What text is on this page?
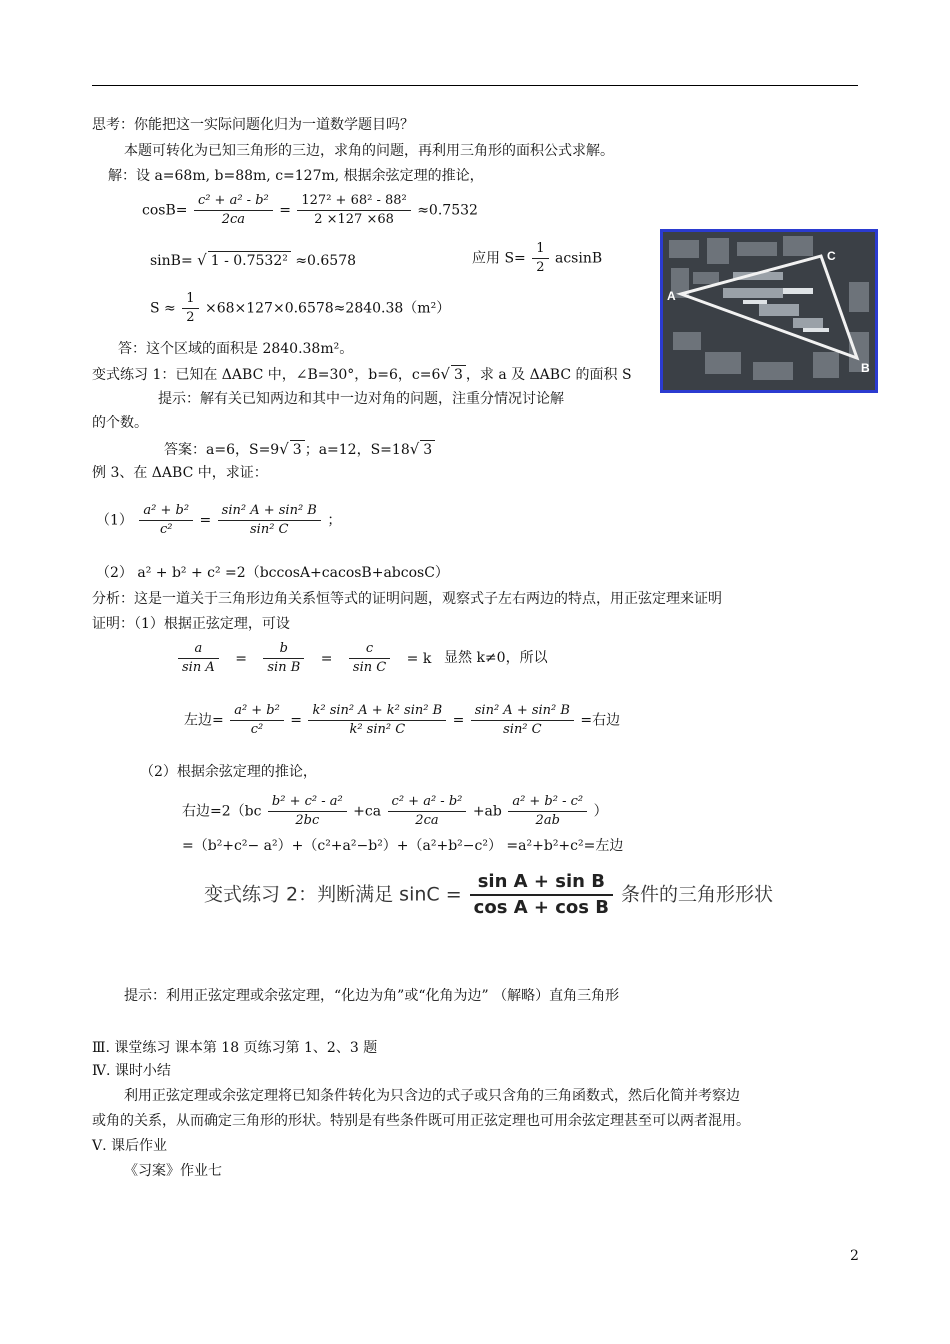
思考：你能把这一实际问题化归为一道数学题目吗？
本题可转化为已知三角形的三边，求角的问题，再利用三角形的面积公式求解。
解：设 a=68m, b=88m, c=127m, 根据余弦定理的推论，
$\cos B= \frac{\text{c² + a² - b²}}{2ca} = \frac{\text{127² + 68² - 88²}}{2 \times 127 \times 68} \approx 0.7532$
sinB= √ 1 - 0.7532² ≈0.6578	应用 $S= \frac{1}{2}$ acsinB
$S \approx \frac{1}{2} \times 68\times 127\times 0.6578\approx 2840.38(m^2)$
答：这个区域的面积是 2840.38m²。
变式练习 1：已知在 ΔABC 中，∠B=30°，b=6，c=6√ 3 ，求 a 及 ΔABC 的面积 S
提示：解有关已知两边和其中一边对角的问题，注重分情况讨论解
的个数。
答案：a=6，S=9√ 3 ；a=12，S=18√ 3
例 3、在 ΔABC 中，求证：
$(1) \frac{\text{a² + b²}}{\text{c²}} = \frac{\text{sin² A + sin² B}}{\text{sin² C}}$ ；
（2） a² + b² + c² =2（bccosA+cacosB+abcosC）
分析：这是一道关于三角形边角关系恒等式的证明问题，观察式子左右两边的特点，用正弦定理来证明
证明：（1）根据正弦定理，可设
$\frac{a}{\text{sin A}} = \frac{b}{\text{sin B}} = \frac{c}{\text{sin C}} = k$ 显然 k≠0，所以
左边= $\frac{\text{a² + b²}}{\text{c²}} = \frac{\text{k² sin² A + k² sin² B}}{\text{k² sin² C}} = \frac{\text{sin² A + sin² B}}{\text{sin² C}}$ =右边
（2）根据余弦定理的推论，
右边$=2(bc \frac{\text{b² + c² - a²}}{2bc} +ca \frac{\text{c² + a² - b²}}{2ca} +ab \frac{\text{a² + b² - c²}}{2ab}$ ）
=（b²+c²− a²）+（c²+a²−b²）+（a²+b²−c²） =a²+b²+c²=左边
变式练习 2：判断满足 $\sin C = \frac{\text{sin A + sin B}}{\text{cos A + cos B}}$ 条件的三角形形状
提示：利用正弦定理或余弦定理，“化边为角”或“化角为边” （解略）直角三角形
Ⅲ. 课堂练习 课本第 18 页练习第 1、2、3 题
Ⅳ. 课时小结
利用正弦定理或余弦定理将已知条件转化为只含边的式子或只含角的三角函数式，然后化简并考察边
或角的关系，从而确定三角形的形状。特别是有些条件既可用正弦定理也可用余弦定理甚至可以两者混用。
Ⅴ. 课后作业
《习案》作业七
A
C
B
2
